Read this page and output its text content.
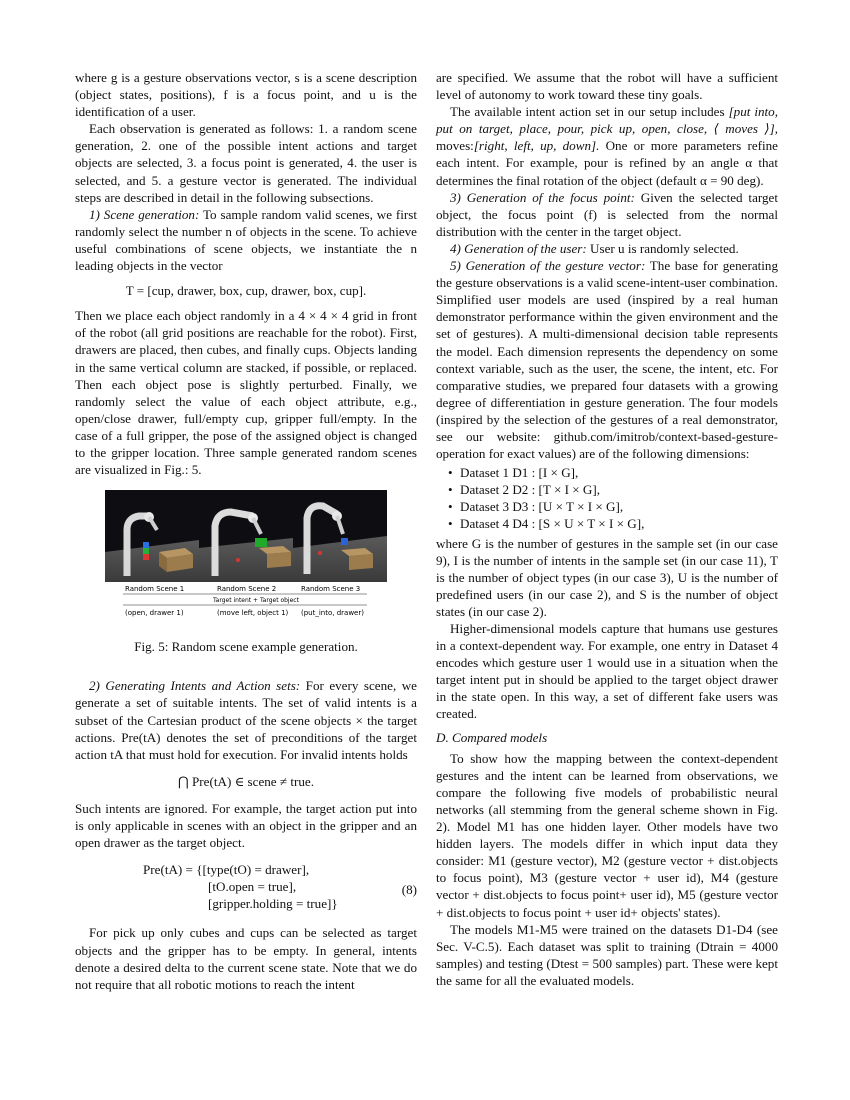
where g is a gesture observations vector, s is a scene description (object states, positions), f is a focus point, and u is the identification of a user.

Each observation is generated as follows: 1. a random scene generation, 2. one of the possible intent actions and target objects are selected, 3. a focus point is generated, 4. the user is selected, and 5. a gesture vector is generated. The individual steps are described in detail in the following subsections.

1) Scene generation: To sample random valid scenes, we first randomly select the number n of objects in the scene. To achieve useful combinations of scene objects, we instantiate the n leading objects in the vector

T = [cup, drawer, box, cup, drawer, box, cup].

Then we place each object randomly in a 4 × 4 × 4 grid in front of the robot (all grid positions are reachable for the robot). First, drawers are placed, then cubes, and finally cups. Objects landing in the same vertical column are stacked, if possible, or replaced. Then each object pose is slightly perturbed. Finally, we randomly select the value of each object attribute, e.g., open/close drawer, full/empty cup, gripper full/empty. In the case of a full gripper, the pose of the assigned object is changed to the gripper location. Three sample generated random scenes are visualized in Fig.: 5.

Random Scene 1	Random Scene 2	Random Scene 3
Target intent + Target object
(open, drawer 1)	(move left, object 1) (put_into, drawer)

Fig. 5: Random scene example generation.

2) Generating Intents and Action sets: For every scene, we generate a set of suitable intents. The set of valid intents is a subset of the Cartesian product of the scene objects × the target actions. Pre(tA) denotes the set of preconditions of the target action tA that must hold for execution. For invalid intents holds

⋂ Pre(tA) ∈ scene ≠ true.

Such intents are ignored. For example, the target action put into is only applicable in scenes with an object in the gripper and an open drawer as the target object.

Pre(tA) = {[type(tO) = drawer],
[tO.open = true],
[gripper.holding = true]}
(8)

For pick up only cubes and cups can be selected as target objects and the gripper has to be empty. In general, intents denote a desired delta to the current scene state. Note that we do not require that all robotic motions to reach the intent

are specified. We assume that the robot will have a sufficient level of autonomy to work toward these tiny goals.

The available intent action set in our setup includes [put into, put on target, place, pour, pick up, open, close, ⟨ moves ⟩], moves:[right, left, up, down]. One or more parameters refine each intent. For example, pour is refined by an angle α that determines the final rotation of the object (default α = 90 deg).

3) Generation of the focus point: Given the selected target object, the focus point (f) is selected from the normal distribution with the center in the target object.

4) Generation of the user: User u is randomly selected.

5) Generation of the gesture vector: The base for generating the gesture observations is a valid scene-intent-user combination. Simplified user models are used (inspired by a real human demonstrator performance within the given environment and the set of gestures). A multi-dimensional decision table represents the model. Each dimension represents the dependency on some context variable, such as the user, the scene, the intent, etc. For comparative studies, we prepared four datasets with a growing degree of differentiation in gesture generation. The four models (inspired by the selection of the gestures of a real demonstrator, see our website: github.com/imitrob/context-based-gesture-operation for exact values) are of the following dimensions:

• Dataset 1 D1 : [I × G],
• Dataset 2 D2 : [T × I × G],
• Dataset 3 D3 : [U × T × I × G],
• Dataset 4 D4 : [S × U × T × I × G],

where G is the number of gestures in the sample set (in our case 9), I is the number of intents in the sample set (in our case 11), T is the number of object types (in our case 3), U is the number of predefined users (in our case 2), and S is the number of object states (in our case 2).

Higher-dimensional models capture that humans use gestures in a context-dependent way. For example, one entry in Dataset 4 encodes which gesture user 1 would use in a situation when the target intent put in should be applied to the target object drawer in the state open. In this way, a set of different fake users was created.

D. Compared models

To show how the mapping between the context-dependent gestures and the intent can be learned from observations, we compare the following five models of probabilistic neural networks (all stemming from the general scheme shown in Fig. 2). Model M1 has one hidden layer. Other models have two hidden layers. The models differ in which input data they consider: M1 (gesture vector), M2 (gesture vector + dist.objects to focus point), M3 (gesture vector + user id), M4 (gesture vector + dist.objects to focus point+ user id), M5 (gesture vector + dist.objects to focus point + user id+ objects' states).

The models M1-M5 were trained on the datasets D1-D4 (see Sec. V-C.5). Each dataset was split to training (Dtrain = 4000 samples) and testing (Dtest = 500 samples) part. These were kept the same for all the evaluated models.
